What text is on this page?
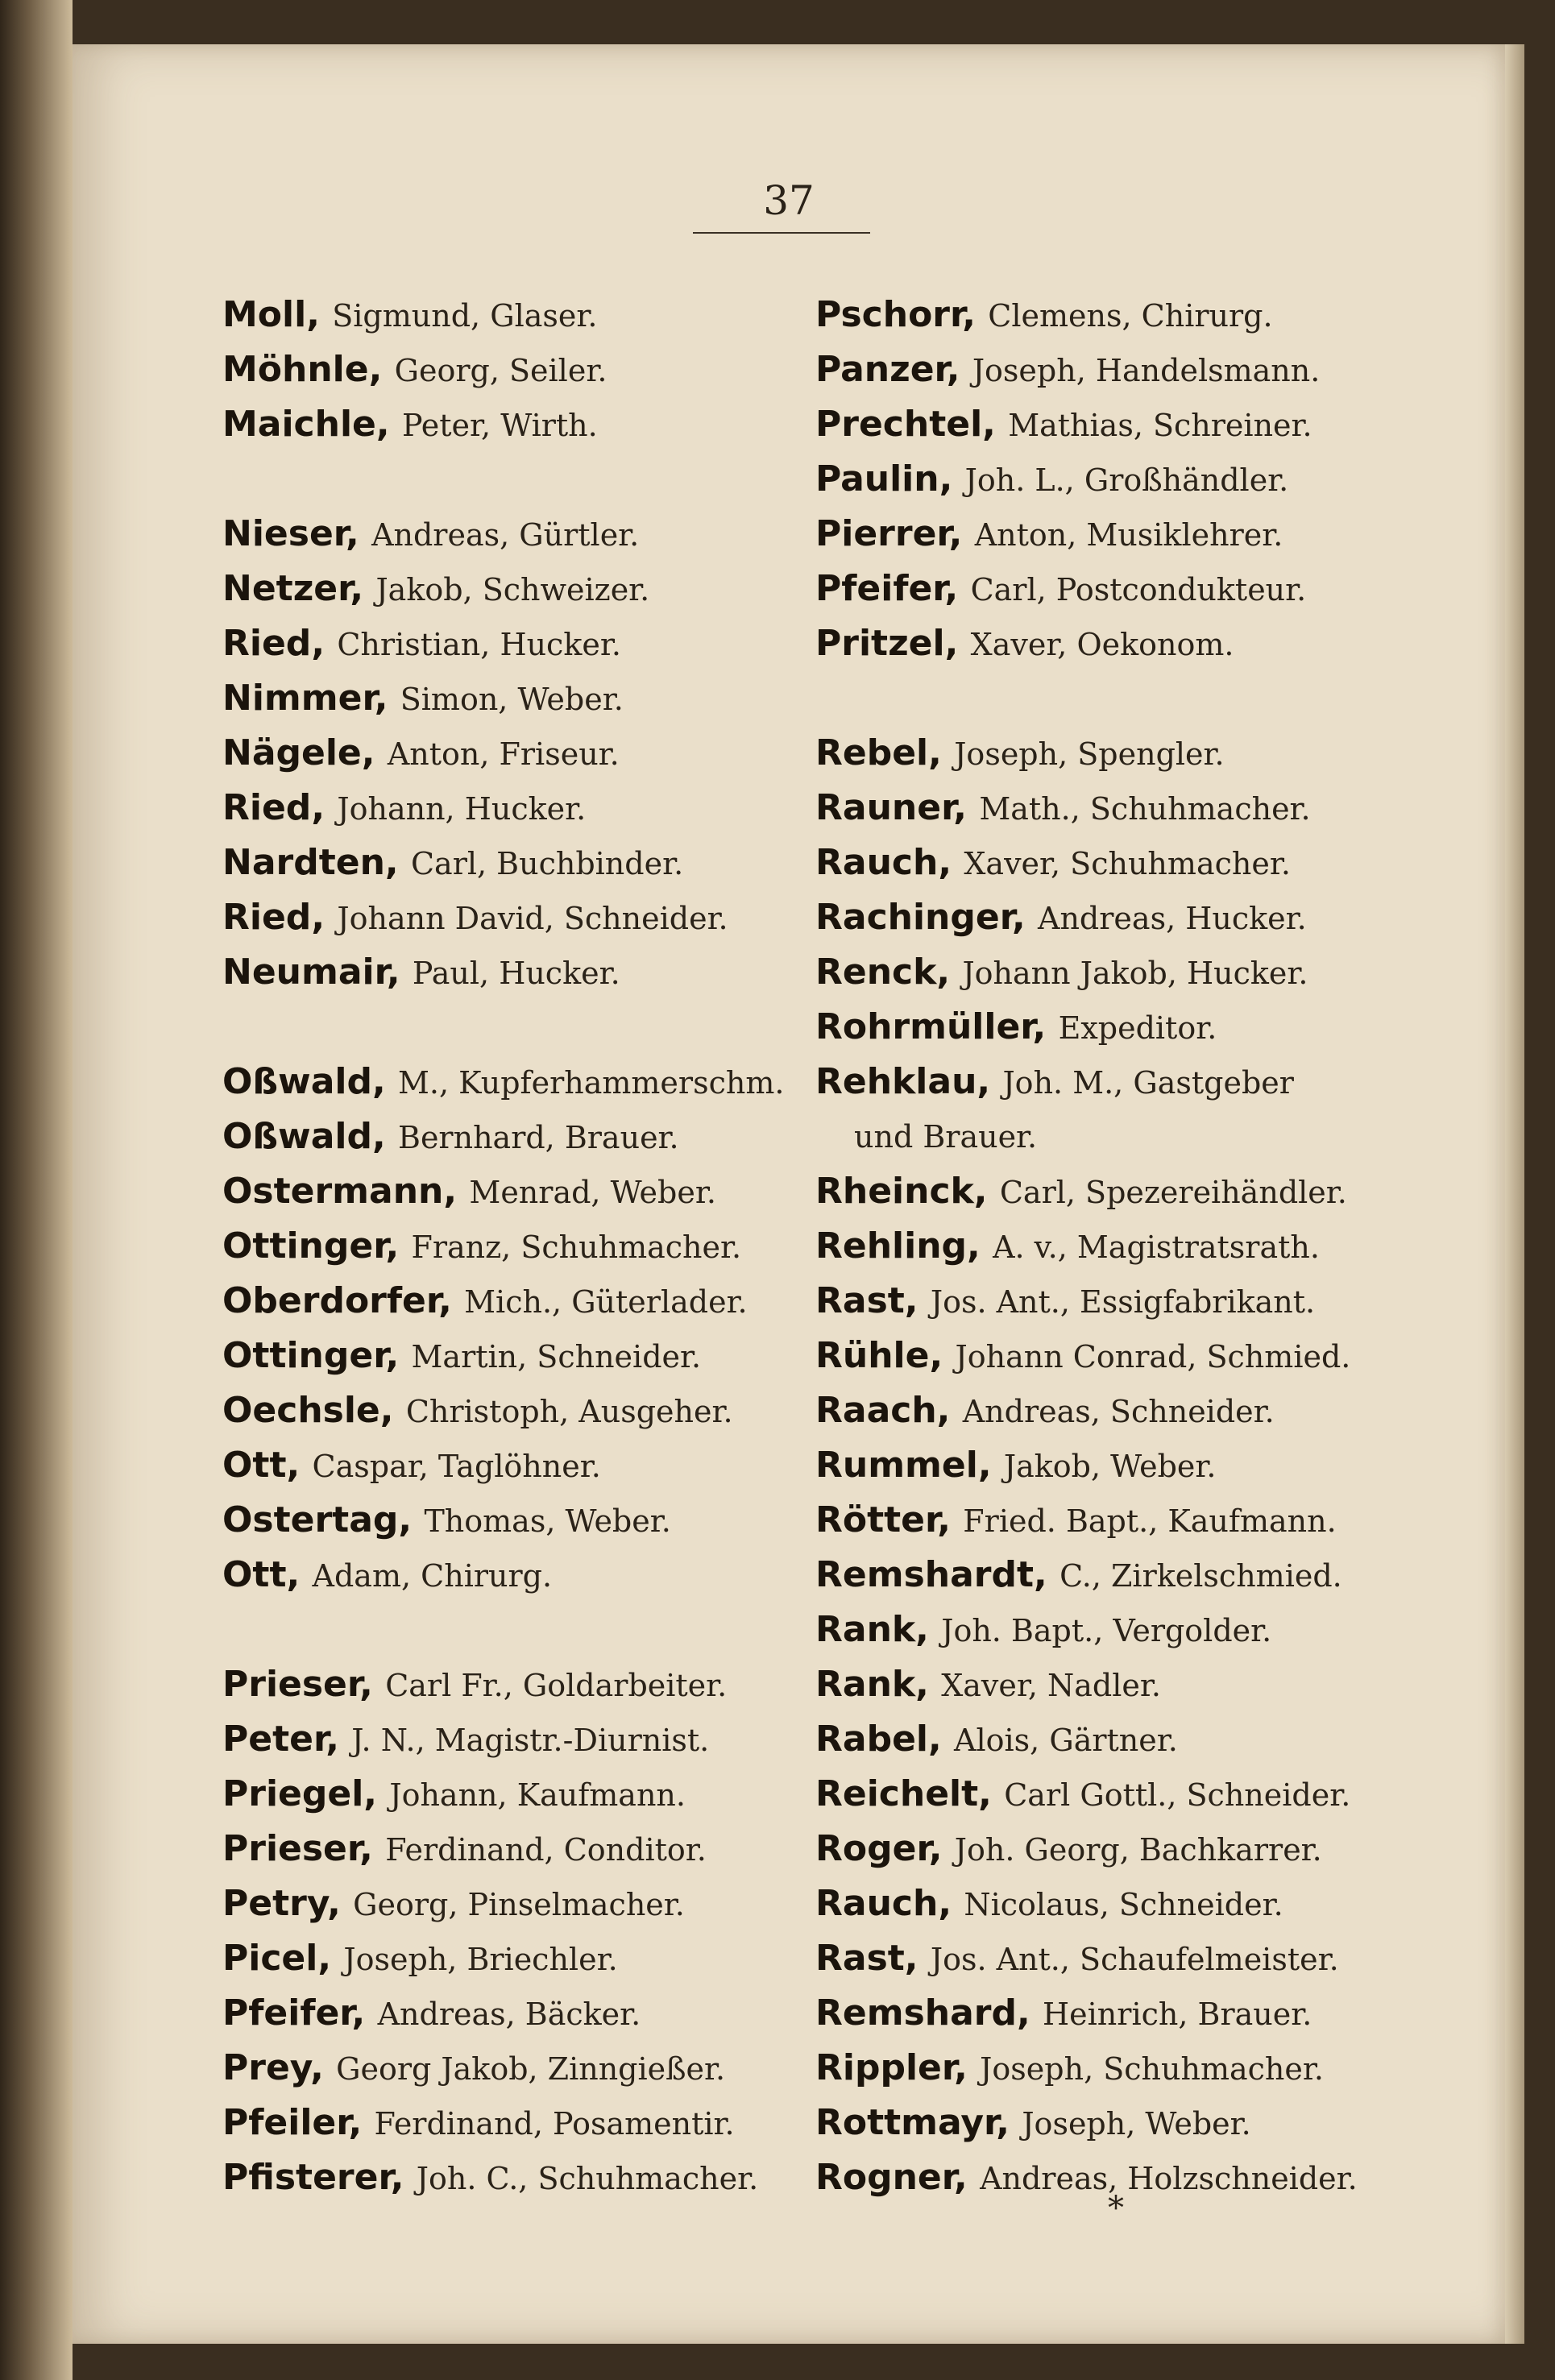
37
Moll, Sigmund, Glaser.
Möhnle, Georg, Seiler.
Maichle, Peter, Wirth.
Nieser, Andreas, Gürtler.
Netzer, Jakob, Schweizer.
Ried, Christian, Hucker.
Nimmer, Simon, Weber.
Nägele, Anton, Friseur.
Ried, Johann, Hucker.
Nardten, Carl, Buchbinder.
Ried, Johann David, Schneider.
Neumair, Paul, Hucker.
Oßwald, M., Kupferhammerschm.
Oßwald, Bernhard, Brauer.
Ostermann, Menrad, Weber.
Ottinger, Franz, Schuhmacher.
Oberdorfer, Mich., Güterlader.
Ottinger, Martin, Schneider.
Oechsle, Christoph, Ausgeher.
Ott, Caspar, Taglöhner.
Ostertag, Thomas, Weber.
Ott, Adam, Chirurg.
Prieser, Carl Fr., Goldarbeiter.
Peter, J. N., Magistr.-Diurnist.
Priegel, Johann, Kaufmann.
Prieser, Ferdinand, Conditor.
Petry, Georg, Pinselmacher.
Picel, Joseph, Briechler.
Pfeifer, Andreas, Bäcker.
Prey, Georg Jakob, Zinngießer.
Pfeiler, Ferdinand, Posamentir.
Pfisterer, Joh. C., Schuhmacher.
Pschorr, Clemens, Chirurg.
Panzer, Joseph, Handelsmann.
Prechtel, Mathias, Schreiner.
Paulin, Joh. L., Großhändler.
Pierrer, Anton, Musiklehrer.
Pfeifer, Carl, Postcondukteur.
Pritzel, Xaver, Oekonom.
Rebel, Joseph, Spengler.
Rauner, Math., Schuhmacher.
Rauch, Xaver, Schuhmacher.
Rachinger, Andreas, Hucker.
Renck, Johann Jakob, Hucker.
Rohrmüller, Expeditor.
Rehklau, Joh. M., Gastgeber
und Brauer.
Rheinck, Carl, Spezereihändler.
Rehling, A. v., Magistratsrath.
Rast, Jos. Ant., Essigfabrikant.
Rühle, Johann Conrad, Schmied.
Raach, Andreas, Schneider.
Rummel, Jakob, Weber.
Rötter, Fried. Bapt., Kaufmann.
Remshardt, C., Zirkelschmied.
Rank, Joh. Bapt., Vergolder.
Rank, Xaver, Nadler.
Rabel, Alois, Gärtner.
Reichelt, Carl Gottl., Schneider.
Roger, Joh. Georg, Bachkarrer.
Rauch, Nicolaus, Schneider.
Rast, Jos. Ant., Schaufelmeister.
Remshard, Heinrich, Brauer.
Rippler, Joseph, Schuhmacher.
Rottmayr, Joseph, Weber.
Rogner, Andreas, Holzschneider.
*
